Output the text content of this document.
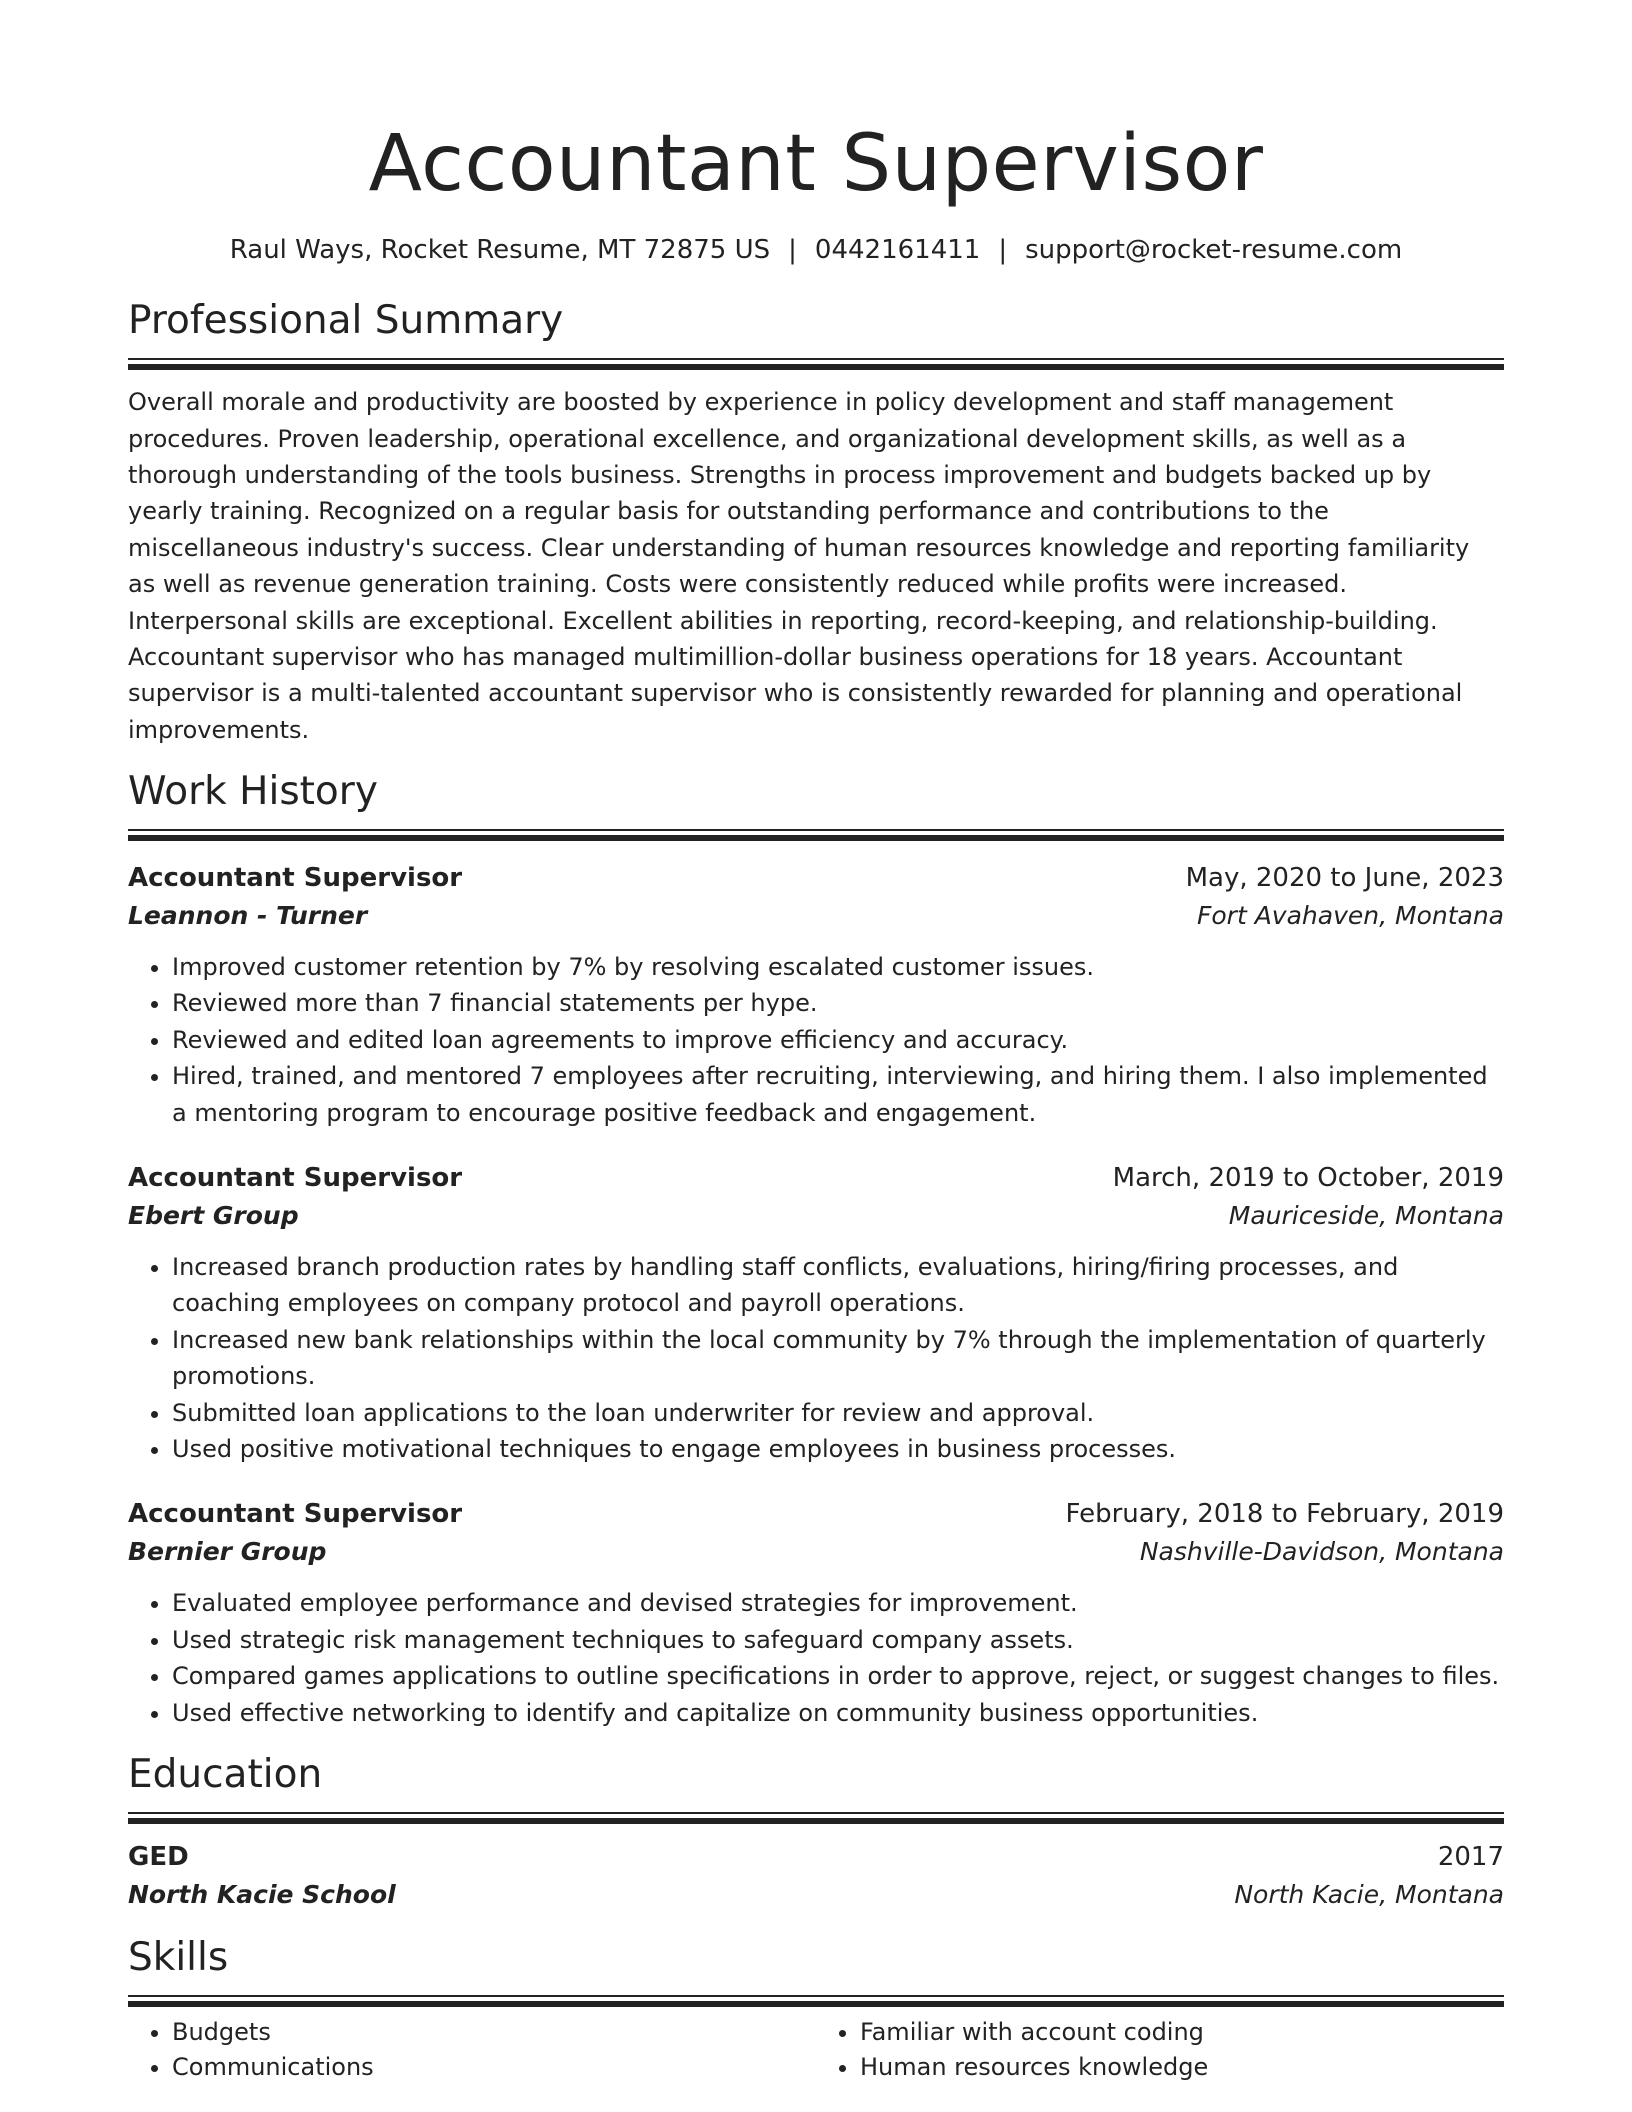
Accountant Supervisor
Raul Ways, Rocket Resume, MT 72875 US | 0442161411 | support@rocket-resume.com
Professional Summary

Overall morale and productivity are boosted by experience in policy development and staff management procedures. Proven leadership, operational excellence, and organizational development skills, as well as a thorough understanding of the tools business. Strengths in process improvement and budgets backed up by yearly training. Recognized on a regular basis for outstanding performance and contributions to the miscellaneous industry's success. Clear understanding of human resources knowledge and reporting familiarity as well as revenue generation training. Costs were consistently reduced while profits were increased. Interpersonal skills are exceptional. Excellent abilities in reporting, record-keeping, and relationship-building. Accountant supervisor who has managed multimillion-dollar business operations for 18 years. Accountant supervisor is a multi-talented accountant supervisor who is consistently rewarded for planning and operational improvements.

Work History
Accountant Supervisor	May, 2020 to June, 2023
Leannon - Turner	Fort Avahaven, Montana
• Improved customer retention by 7% by resolving escalated customer issues.
• Reviewed more than 7 financial statements per hype.
• Reviewed and edited loan agreements to improve efficiency and accuracy.
• Hired, trained, and mentored 7 employees after recruiting, interviewing, and hiring them. I also implemented a mentoring program to encourage positive feedback and engagement.
Accountant Supervisor	March, 2019 to October, 2019
Ebert Group	Mauriceside, Montana
• Increased branch production rates by handling staff conflicts, evaluations, hiring/firing processes, and coaching employees on company protocol and payroll operations.
• Increased new bank relationships within the local community by 7% through the implementation of quarterly promotions.
• Submitted loan applications to the loan underwriter for review and approval.
• Used positive motivational techniques to engage employees in business processes.
Accountant Supervisor	February, 2018 to February, 2019
Bernier Group	Nashville-Davidson, Montana
• Evaluated employee performance and devised strategies for improvement.
• Used strategic risk management techniques to safeguard company assets.
• Compared games applications to outline specifications in order to approve, reject, or suggest changes to files.
• Used effective networking to identify and capitalize on community business opportunities.
Education
GED	2017
North Kacie School	North Kacie, Montana
Skills
• Budgets
• Communications
• Familiar with account coding
• Human resources knowledge
